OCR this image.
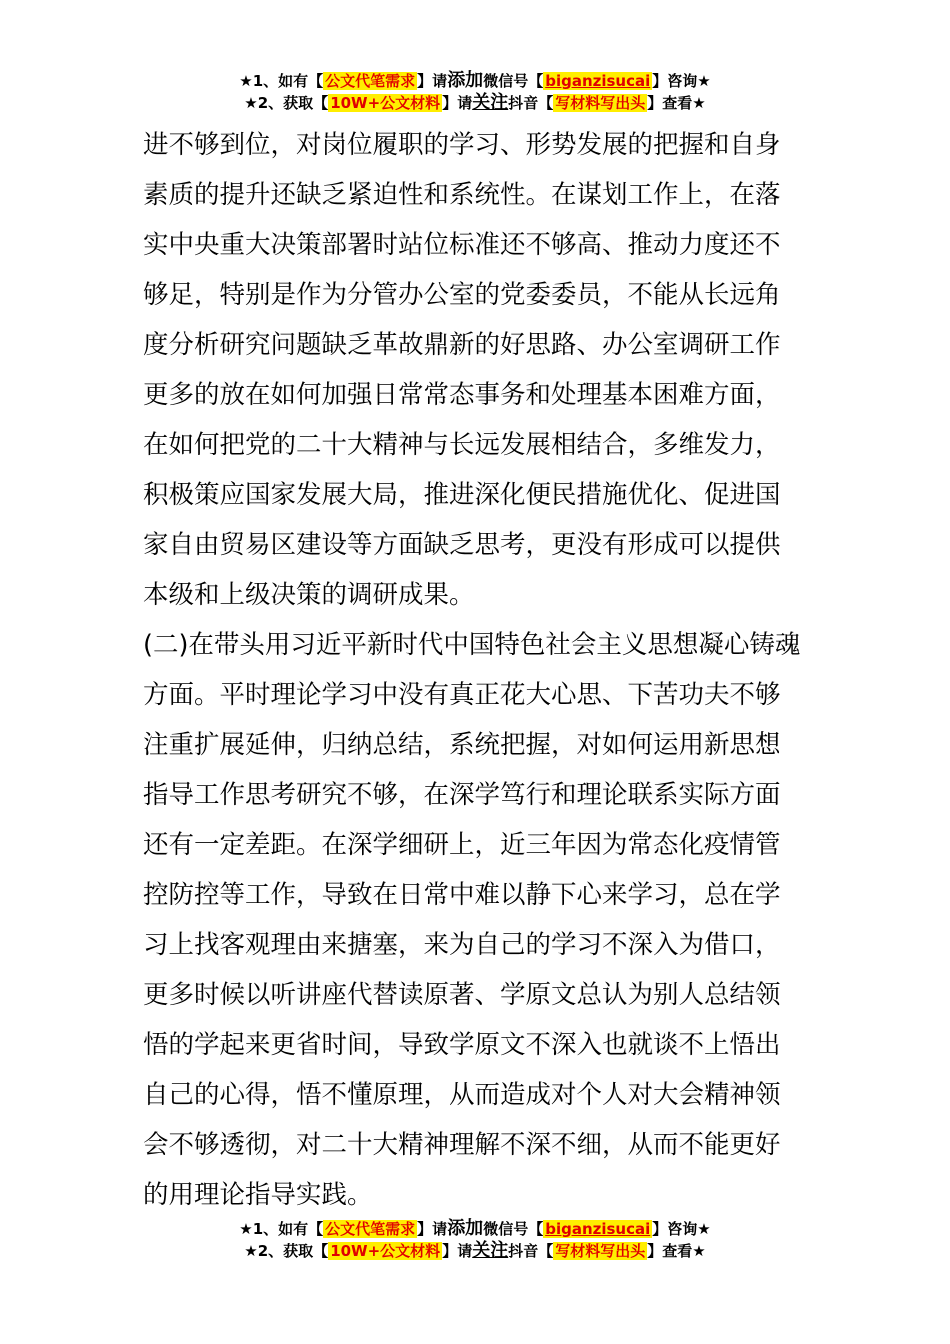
★1、如有【 公文代笔需求 】请添加微信号【 biganzisucai 】咨询★
★2、获取【 10W+公文材料 】请关注抖音【 写材料写出头 】查看★
进不够到位，对岗位履职的学习、形势发展的把握和自身
素质的提升还缺乏紧迫性和系统性。在谋划工作上，在落
实中央重大决策部署时站位标准还不够高、推动力度还不
够足，特别是作为分管办公室的党委委员，不能从长远角
度分析研究问题缺乏革故鼎新的好思路、办公室调研工作
更多的放在如何加强日常常态事务和处理基本困难方面，
在如何把党的二十大精神与长远发展相结合，多维发力，
积极策应国家发展大局，推进深化便民措施优化、促进国
家自由贸易区建设等方面缺乏思考，更没有形成可以提供
本级和上级决策的调研成果。
(二)在带头用习近平新时代中国特色社会主义思想凝心铸魂
方面。平时理论学习中没有真正花大心思、下苦功夫不够
注重扩展延伸，归纳总结，系统把握，对如何运用新思想
指导工作思考研究不够，在深学笃行和理论联系实际方面
还有一定差距。在深学细研上，近三年因为常态化疫情管
控防控等工作，导致在日常中难以静下心来学习，总在学
习上找客观理由来搪塞，来为自己的学习不深入为借口，
更多时候以听讲座代替读原著、学原文总认为别人总结领
悟的学起来更省时间，导致学原文不深入也就谈不上悟出
自己的心得，悟不懂原理，从而造成对个人对大会精神领
会不够透彻，对二十大精神理解不深不细，从而不能更好
的用理论指导实践。
★1、如有【 公文代笔需求 】请添加微信号【 biganzisucai 】咨询★
★2、获取【 10W+公文材料 】请关注抖音【 写材料写出头 】查看★
